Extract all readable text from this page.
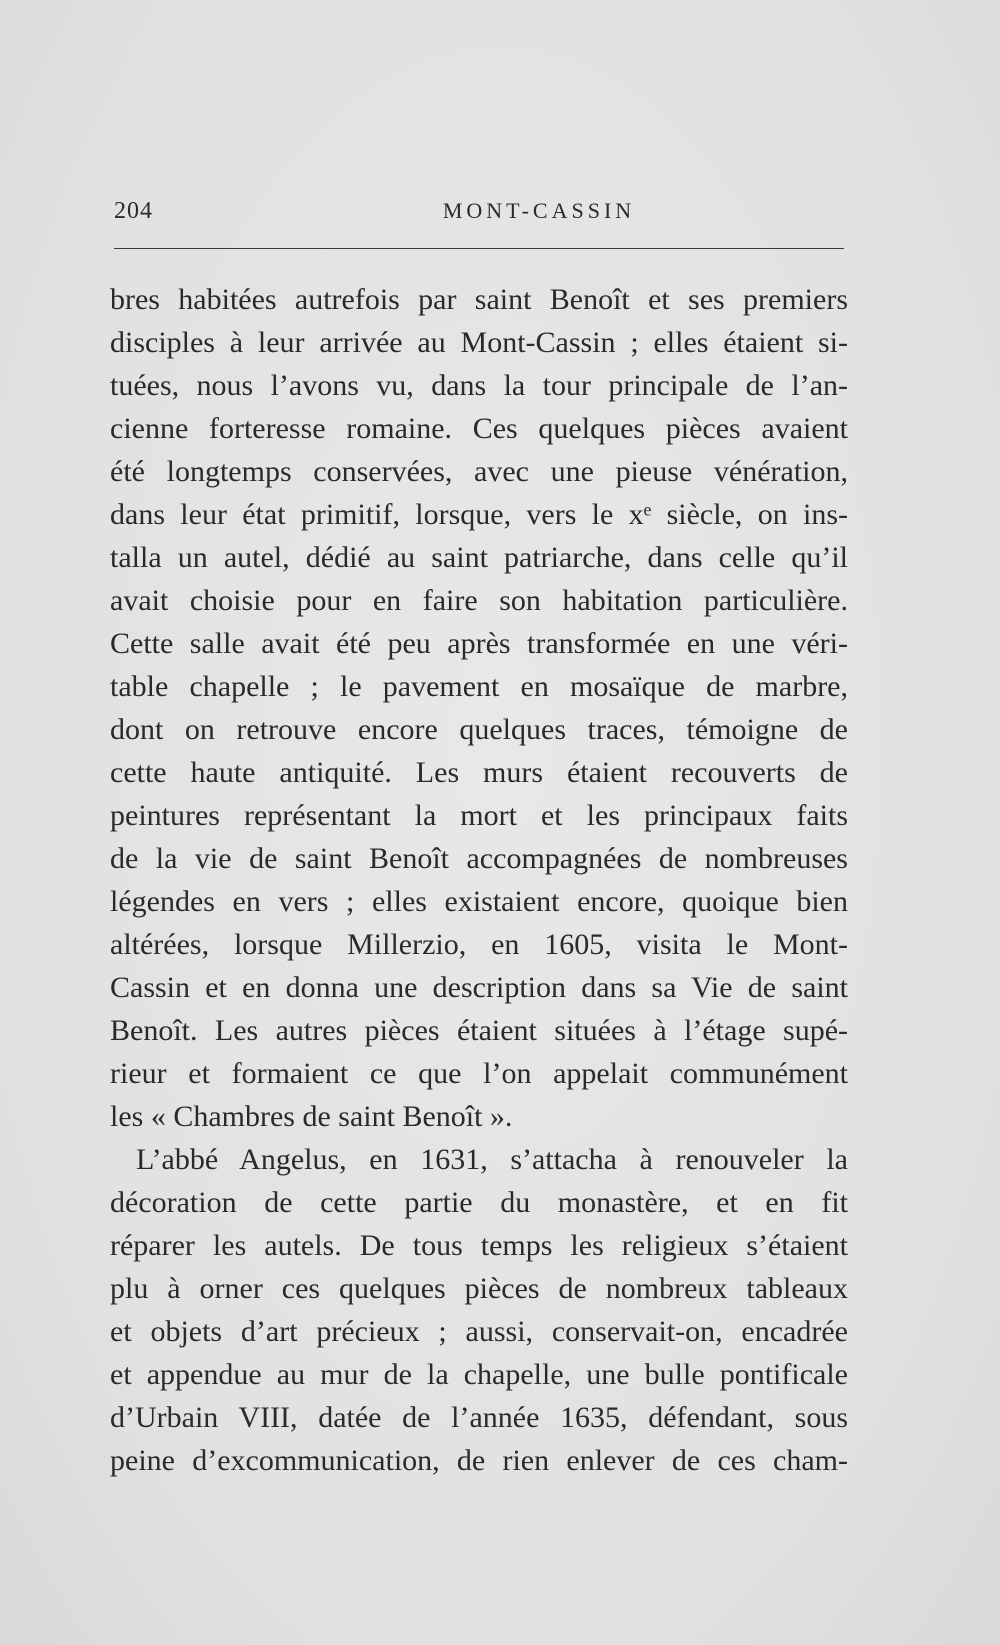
204	MONT-CASSIN
bres habitées autrefois par saint Benoît et ses premiers
disciples à leur arrivée au Mont-Cassin ; elles étaient si-
tuées, nous l’avons vu, dans la tour principale de l’an-
cienne forteresse romaine. Ces quelques pièces avaient
été longtemps conservées, avec une pieuse vénération,
dans leur état primitif, lorsque, vers le xᵉ siècle, on ins-
talla un autel, dédié au saint patriarche, dans celle qu’il
avait choisie pour en faire son habitation particulière.
Cette salle avait été peu après transformée en une véri-
table chapelle ; le pavement en mosaïque de marbre,
dont on retrouve encore quelques traces, témoigne de
cette haute antiquité. Les murs étaient recouverts de
peintures représentant la mort et les principaux faits
de la vie de saint Benoît accompagnées de nombreuses
légendes en vers ; elles existaient encore, quoique bien
altérées, lorsque Millerzio, en 1605, visita le Mont-
Cassin et en donna une description dans sa Vie de saint
Benoît. Les autres pièces étaient situées à l’étage supé-
rieur et formaient ce que l’on appelait communément
les « Chambres de saint Benoît ».
L’abbé Angelus, en 1631, s’attacha à renouveler la
décoration de cette partie du monastère, et en fit
réparer les autels. De tous temps les religieux s’étaient
plu à orner ces quelques pièces de nombreux tableaux
et objets d’art précieux ; aussi, conservait-on, encadrée
et appendue au mur de la chapelle, une bulle pontificale
d’Urbain VIII, datée de l’année 1635, défendant, sous
peine d’excommunication, de rien enlever de ces cham-
